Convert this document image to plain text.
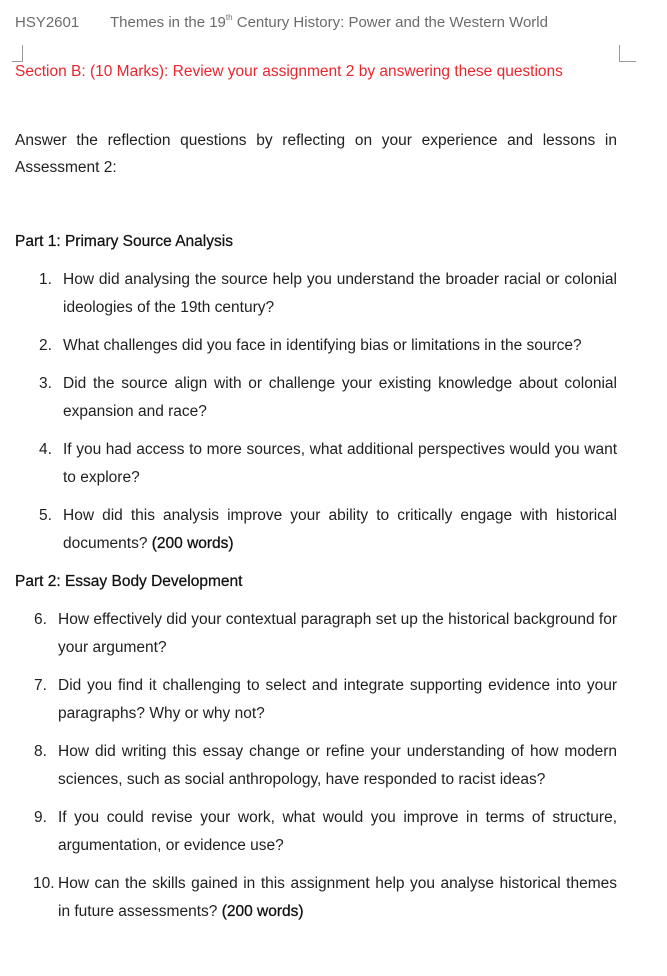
HSY2601 Themes in the 19th Century History: Power and the Western World
Section B: (10 Marks): Review your assignment 2 by answering these questions
Answer the reflection questions by reflecting on your experience and lessons in Assessment 2:
Part 1: Primary Source Analysis
1. How did analysing the source help you understand the broader racial or colonial ideologies of the 19th century?
2. What challenges did you face in identifying bias or limitations in the source?
3. Did the source align with or challenge your existing knowledge about colonial expansion and race?
4. If you had access to more sources, what additional perspectives would you want to explore?
5. How did this analysis improve your ability to critically engage with historical documents? (200 words)
Part 2: Essay Body Development
6. How effectively did your contextual paragraph set up the historical background for your argument?
7. Did you find it challenging to select and integrate supporting evidence into your paragraphs? Why or why not?
8. How did writing this essay change or refine your understanding of how modern sciences, such as social anthropology, have responded to racist ideas?
9. If you could revise your work, what would you improve in terms of structure, argumentation, or evidence use?
10. How can the skills gained in this assignment help you analyse historical themes in future assessments? (200 words)
